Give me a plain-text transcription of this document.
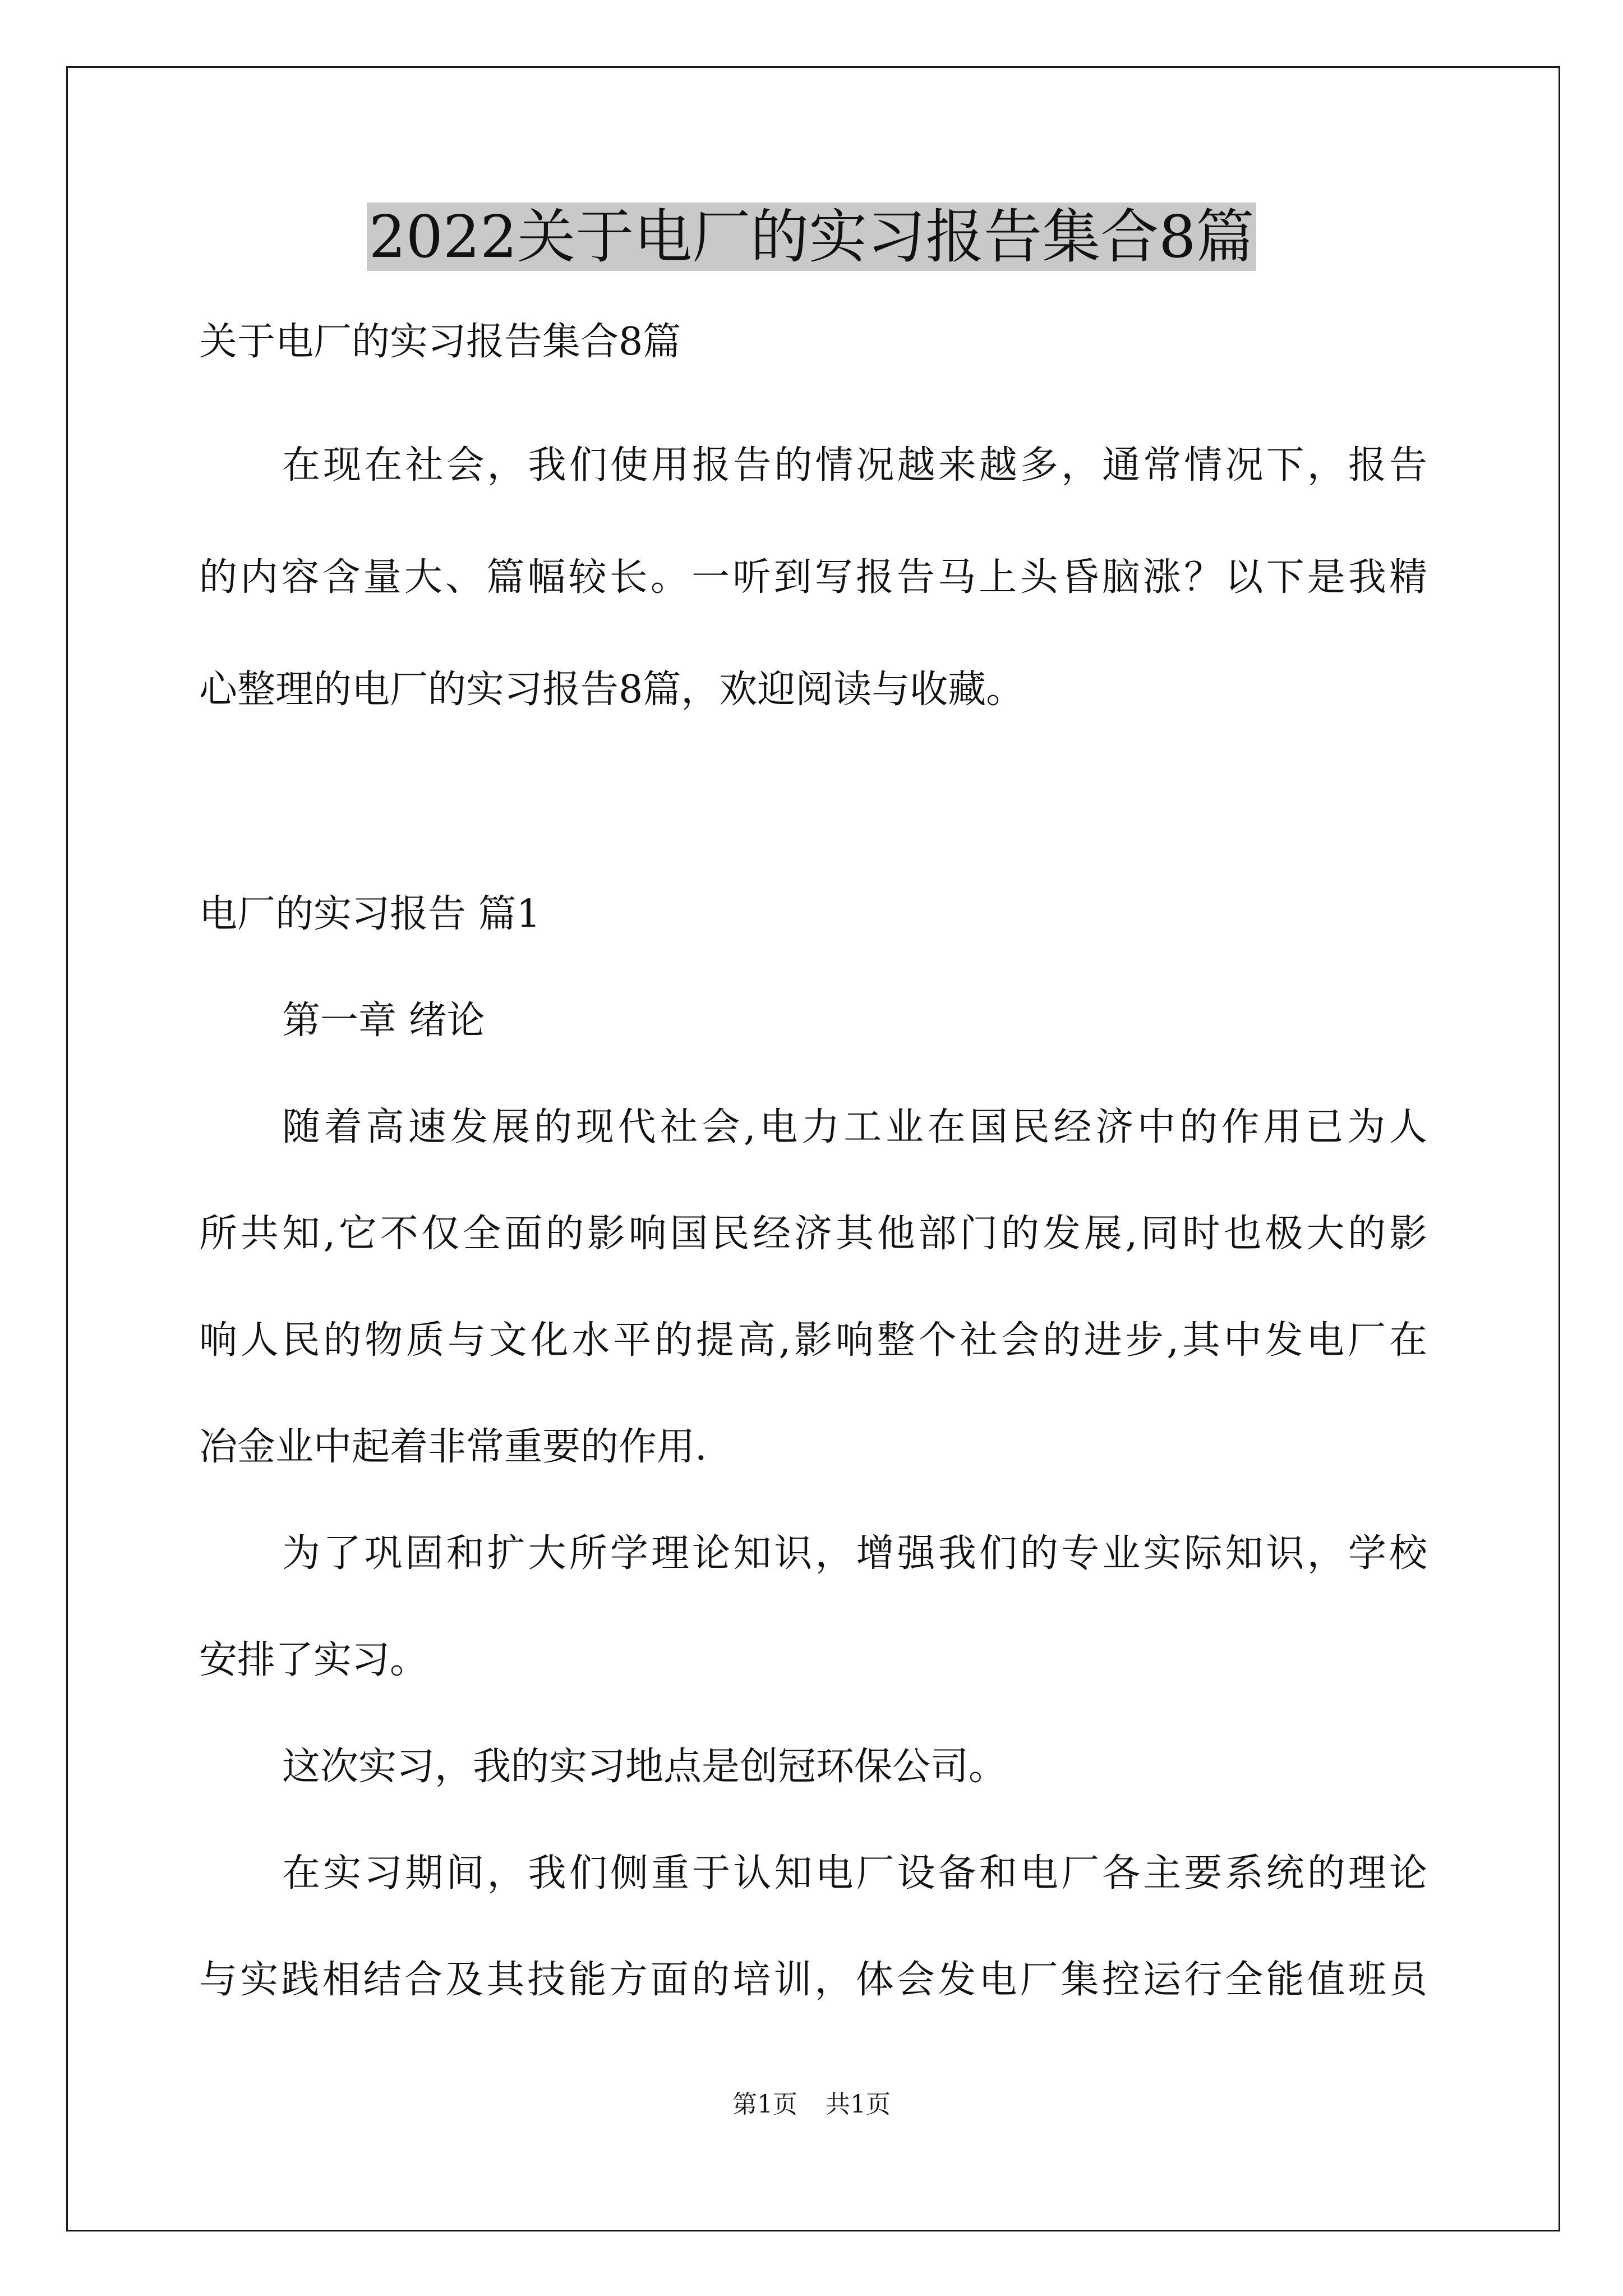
2022关于电厂的实习报告集合8篇

关于电厂的实习报告集合8篇

在现在社会，我们使用报告的情况越来越多，通常情况下，报告

的内容含量大、篇幅较长。一听到写报告马上头昏脑涨？以下是我精

心整理的电厂的实习报告8篇，欢迎阅读与收藏。

电厂的实习报告 篇1

第一章 绪论

随着高速发展的现代社会,电力工业在国民经济中的作用已为人

所共知,它不仅全面的影响国民经济其他部门的发展,同时也极大的影

响人民的物质与文化水平的提高,影响整个社会的进步,其中发电厂在

冶金业中起着非常重要的作用.

为了巩固和扩大所学理论知识，增强我们的专业实际知识，学校

安排了实习。

这次实习，我的实习地点是创冠环保公司。

在实习期间，我们侧重于认知电厂设备和电厂各主要系统的理论

与实践相结合及其技能方面的培训，体会发电厂集控运行全能值班员

第1页 共1页
